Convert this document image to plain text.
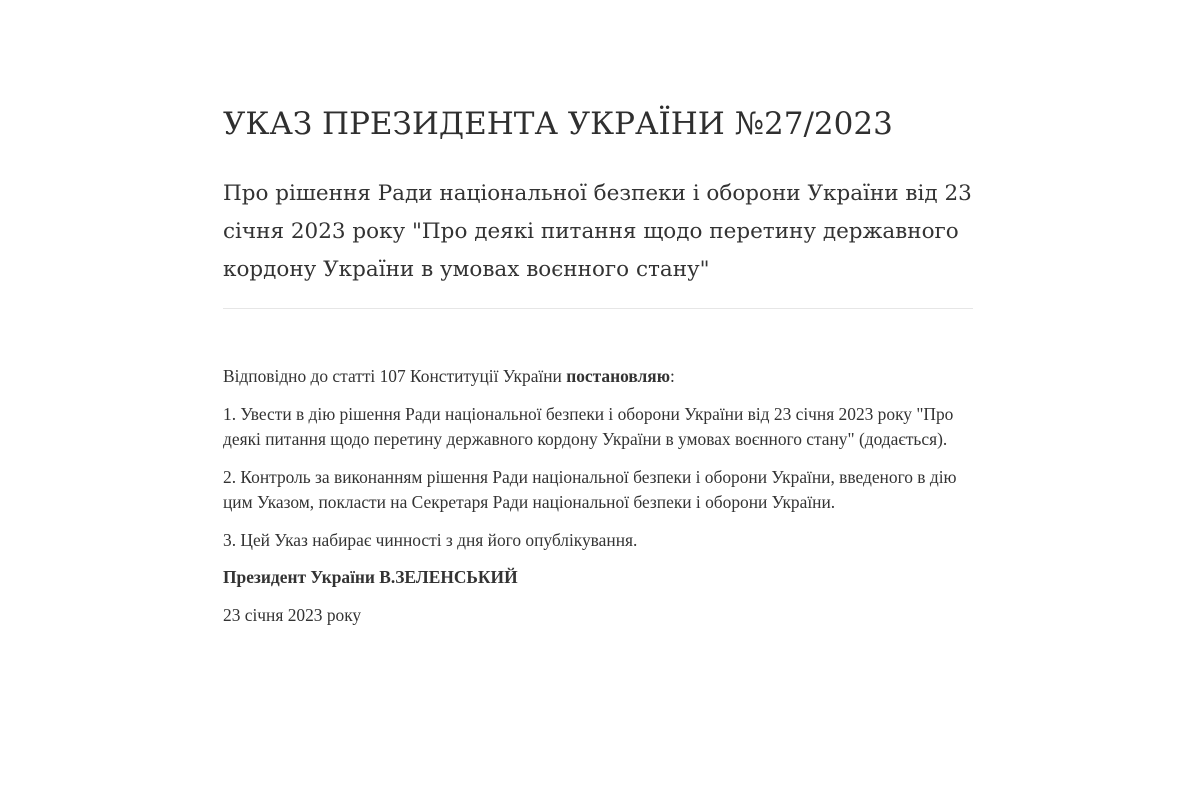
УКАЗ ПРЕЗИДЕНТА УКРАЇНИ №27/2023
Про рішення Ради національної безпеки і оборони України від 23 січня 2023 року "Про деякі питання щодо перетину державного кордону України в умовах воєнного стану"

Відповідно до статті 107 Конституції України постановляю:

1. Увести в дію рішення Ради національної безпеки і оборони України від 23 січня 2023 року "Про деякі питання щодо перетину державного кордону України в умовах воєнного стану" (додається).

2. Контроль за виконанням рішення Ради національної безпеки і оборони України, введеного в дію цим Указом, покласти на Секретаря Ради національної безпеки і оборони України.

3. Цей Указ набирає чинності з дня його опублікування.

Президент України В.ЗЕЛЕНСЬКИЙ

23 січня 2023 року
